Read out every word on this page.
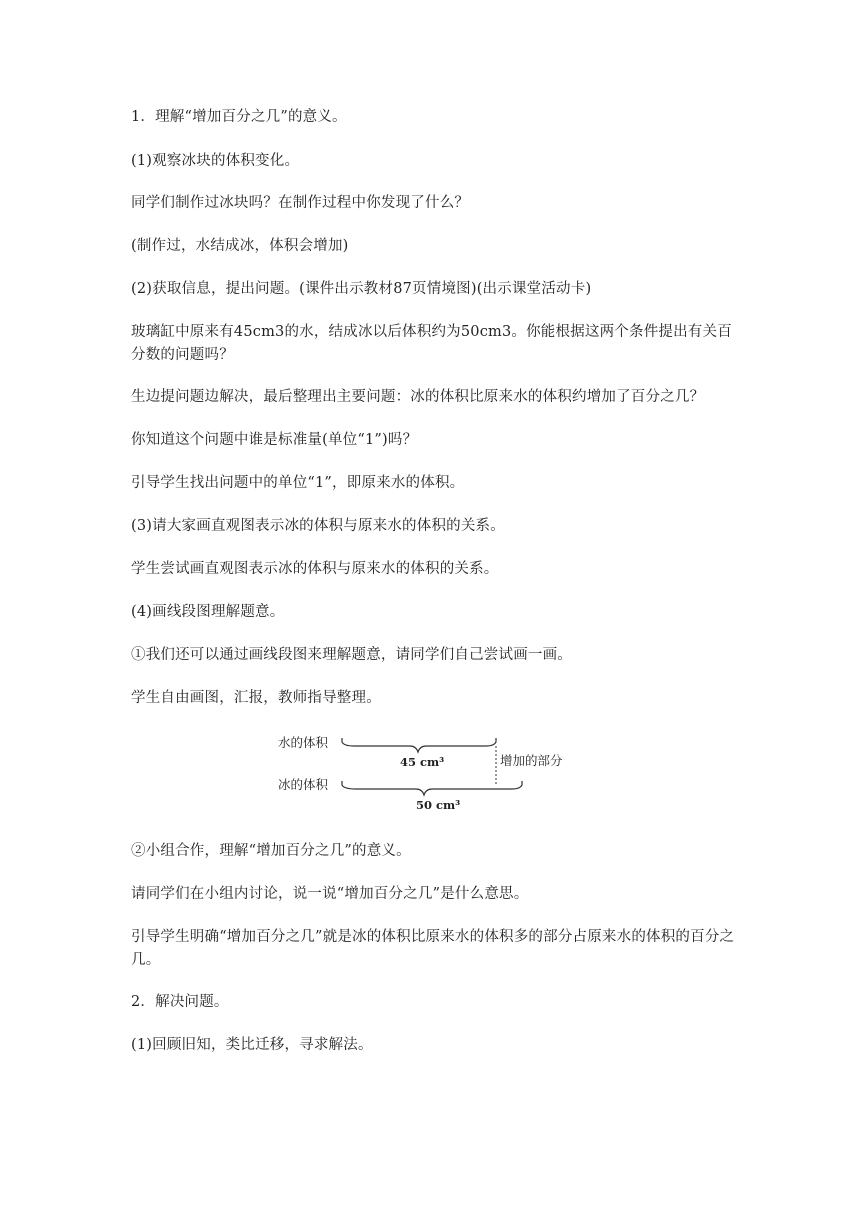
1．理解“增加百分之几”的意义。
(1)观察冰块的体积变化。
同学们制作过冰块吗？在制作过程中你发现了什么？
(制作过，水结成冰，体积会增加)
(2)获取信息，提出问题。(课件出示教材87页情境图)(出示课堂活动卡)
玻璃缸中原来有45cm3的水，结成冰以后体积约为50cm3。你能根据这两个条件提出有关百分数的问题吗？
生边提问题边解决，最后整理出主要问题：冰的体积比原来水的体积约增加了百分之几？
你知道这个问题中谁是标准量(单位“1”)吗？
引导学生找出问题中的单位“1”，即原来水的体积。
(3)请大家画直观图表示冰的体积与原来水的体积的关系。
学生尝试画直观图表示冰的体积与原来水的体积的关系。
(4)画线段图理解题意。
①我们还可以通过画线段图来理解题意，请同学们自己尝试画一画。
学生自由画图，汇报，教师指导整理。
水的体积
45 cm³	增加的部分
冰的体积
50 cm³
②小组合作，理解“增加百分之几”的意义。
请同学们在小组内讨论，说一说“增加百分之几”是什么意思。
引导学生明确“增加百分之几”就是冰的体积比原来水的体积多的部分占原来水的体积的百分之几。
2．解决问题。
(1)回顾旧知，类比迁移，寻求解法。
